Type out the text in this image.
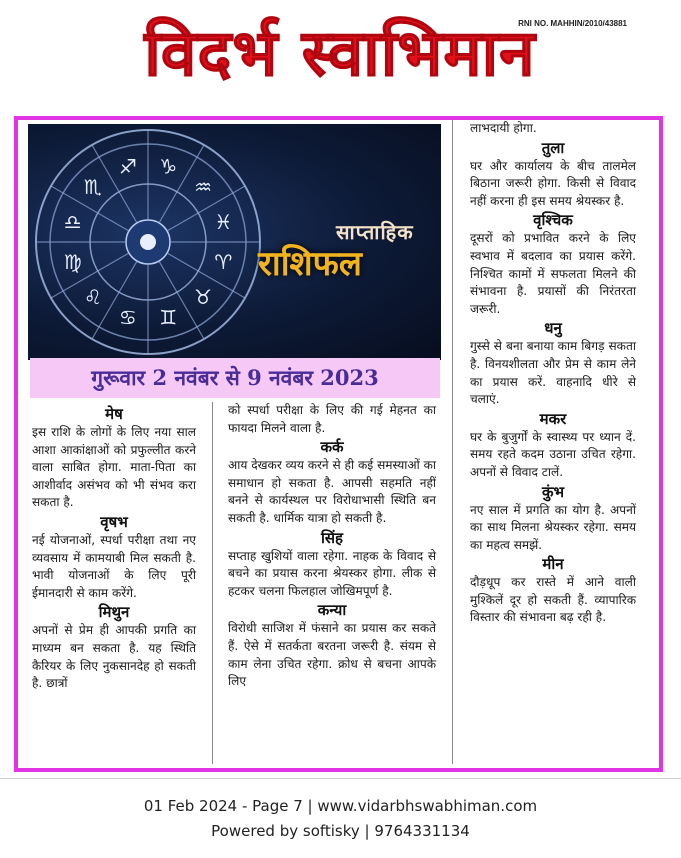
विदर्भ स्वाभिमान
RNI NO. MAHHIN/2010/43881
♈
♉
♊
♋
♌
♍
♎
♏
♐ ♑
♒
♓	साप्ताहिक
राशिफल
गुरूवार 2 नवंबर से 9 नवंबर 2023
मेष

इस राशि के लोगों के लिए नया साल आशा आकांक्षाओं को प्रफुल्लीत करने वाला साबित होगा. माता-पिता का आशीर्वाद असंभव को भी संभव करा सकता है.

वृषभ

नई योजनाओं, स्पर्धा परीक्षा तथा नए व्यवसाय में कामयाबी मिल सकती है. भावी योजनाओं के लिए पूरी ईमानदारी से काम करेंगे.

मिथुन

अपनों से प्रेम ही आपकी प्रगति का माध्यम बन सकता है. यह स्थिति कैरियर के लिए नुकसानदेह हो सकती है. छात्रों

को स्पर्धा परीक्षा के लिए की गई मेहनत का फायदा मिलने वाला है.

कर्क

आय देखकर व्यय करने से ही कई समस्याओं का समाधान हो सकता है. आपसी सहमति नहीं बनने से कार्यस्थल पर विरोधाभासी स्थिति बन सकती है. धार्मिक यात्रा हो सकती है.

सिंह

सप्ताह खुशियों वाला रहेगा. नाहक के विवाद से बचने का प्रयास करना श्रेयस्कर होगा. लीक से हटकर चलना फिलहाल जोखिमपूर्ण है.

कन्या

विरोधी साजिश में फंसाने का प्रयास कर सकते हैं. ऐसे में सतर्कता बरतना जरूरी है. संयम से काम लेना उचित रहेगा. क्रोध से बचना आपके लिए

लाभदायी होगा.

तुला

घर और कार्यालय के बीच तालमेल बिठाना जरूरी होगा. किसी से विवाद नहीं करना ही इस समय श्रेयस्कर है.

वृश्चिक

दूसरों को प्रभावित करने के लिए स्वभाव में बदलाव का प्रयास करेंगे. निश्चित कामों में सफलता मिलने की संभावना है. प्रयासों की निरंतरता जरूरी.

धनु

गुस्से से बना बनाया काम बिगड़ सकता है. विनयशीलता और प्रेम से काम लेने का प्रयास करें. वाहनादि धीरे से चलाएं.

मकर

घर के बुजुर्गों के स्वास्थ्य पर ध्यान दें. समय रहते कदम उठाना उचित रहेगा. अपनों से विवाद टालें.

कुंभ

नए साल में प्रगति का योग है. अपनों का साथ मिलना श्रेयस्कर रहेगा. समय का महत्व समझें.

मीन

दौड़धूप कर रास्ते में आने वाली मुश्किलें दूर हो सकती हैं. व्यापारिक विस्तार की संभावना बढ़ रही है.

01 Feb 2024 - Page 7 | www.vidarbhswabhiman.com
Powered by softisky | 9764331134
